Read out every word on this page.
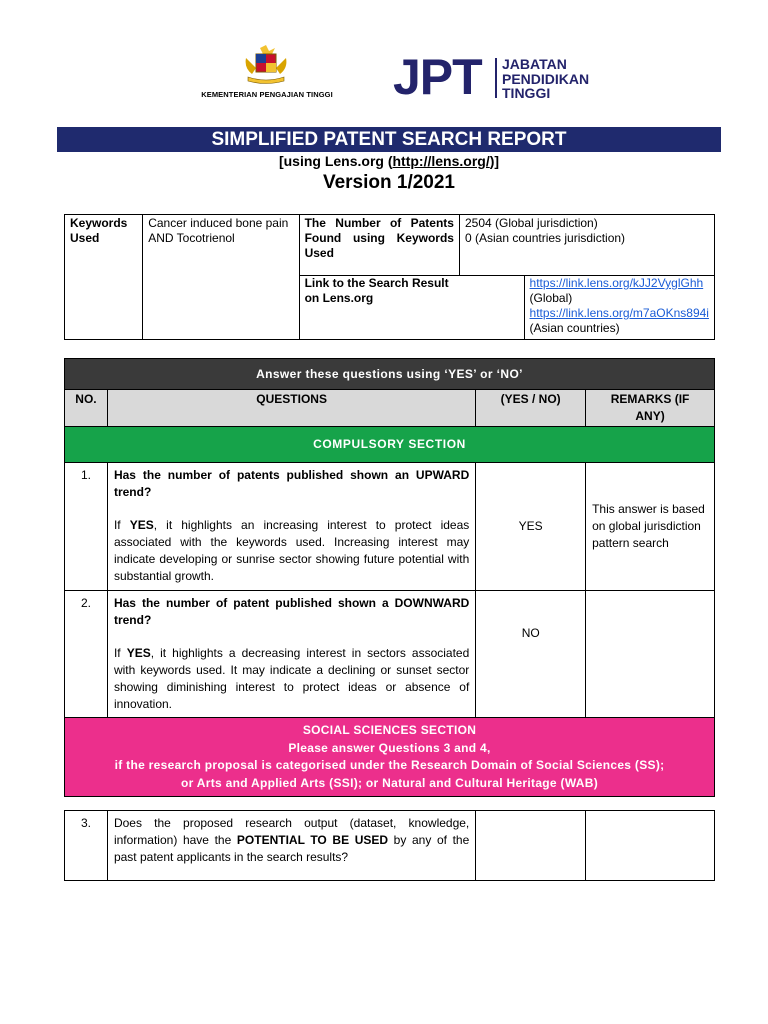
KEMENTERIAN PENGAJIAN TINGGI	JPT JABATAN
PENDIDIKAN
TINGGI
SIMPLIFIED PATENT SEARCH REPORT
[using Lens.org (http://lens.org/)]
Version 1/2021
Keywords Used	Cancer induced bone pain AND Tocotrienol	The Number of Patents Found using Keywords Used	2504 (Global jurisdiction)
0 (Asian countries jurisdiction)	

		Link to the Search Result on Lens.org		https://link.lens.org/kJJ2VyglGhh
(Global)
https://link.lens.org/m7aOKns894i
(Asian countries)
Answer these questions using ‘YES’ or ‘NO’			
NO.	QUESTIONS	(YES / NO)	REMARKS (IF ANY)

COMPULSORY SECTION			
1.	Has the number of patents published shown an UPWARD trend?

If YES, it highlights an increasing interest to protect ideas associated with the keywords used. Increasing interest may indicate developing or sunrise sector showing future potential with substantial growth.	YES	This answer is based on global jurisdiction pattern search
2.	Has the number of patent published shown a DOWNWARD trend?

If YES, it highlights a decreasing interest in sectors associated with keywords used. It may indicate a declining or sunset sector showing diminishing interest to protect ideas or absence of innovation.	NO	

SOCIAL SCIENCES SECTION
Please answer Questions 3 and 4,
if the research proposal is categorised under the Research Domain of Social Sciences (SS);
or Arts and Applied Arts (SSI); or Natural and Cultural Heritage (WAB)			

3.	Does the proposed research output (dataset, knowledge, information) have the POTENTIAL TO BE USED by any of the past patent applicants in the search results?		
